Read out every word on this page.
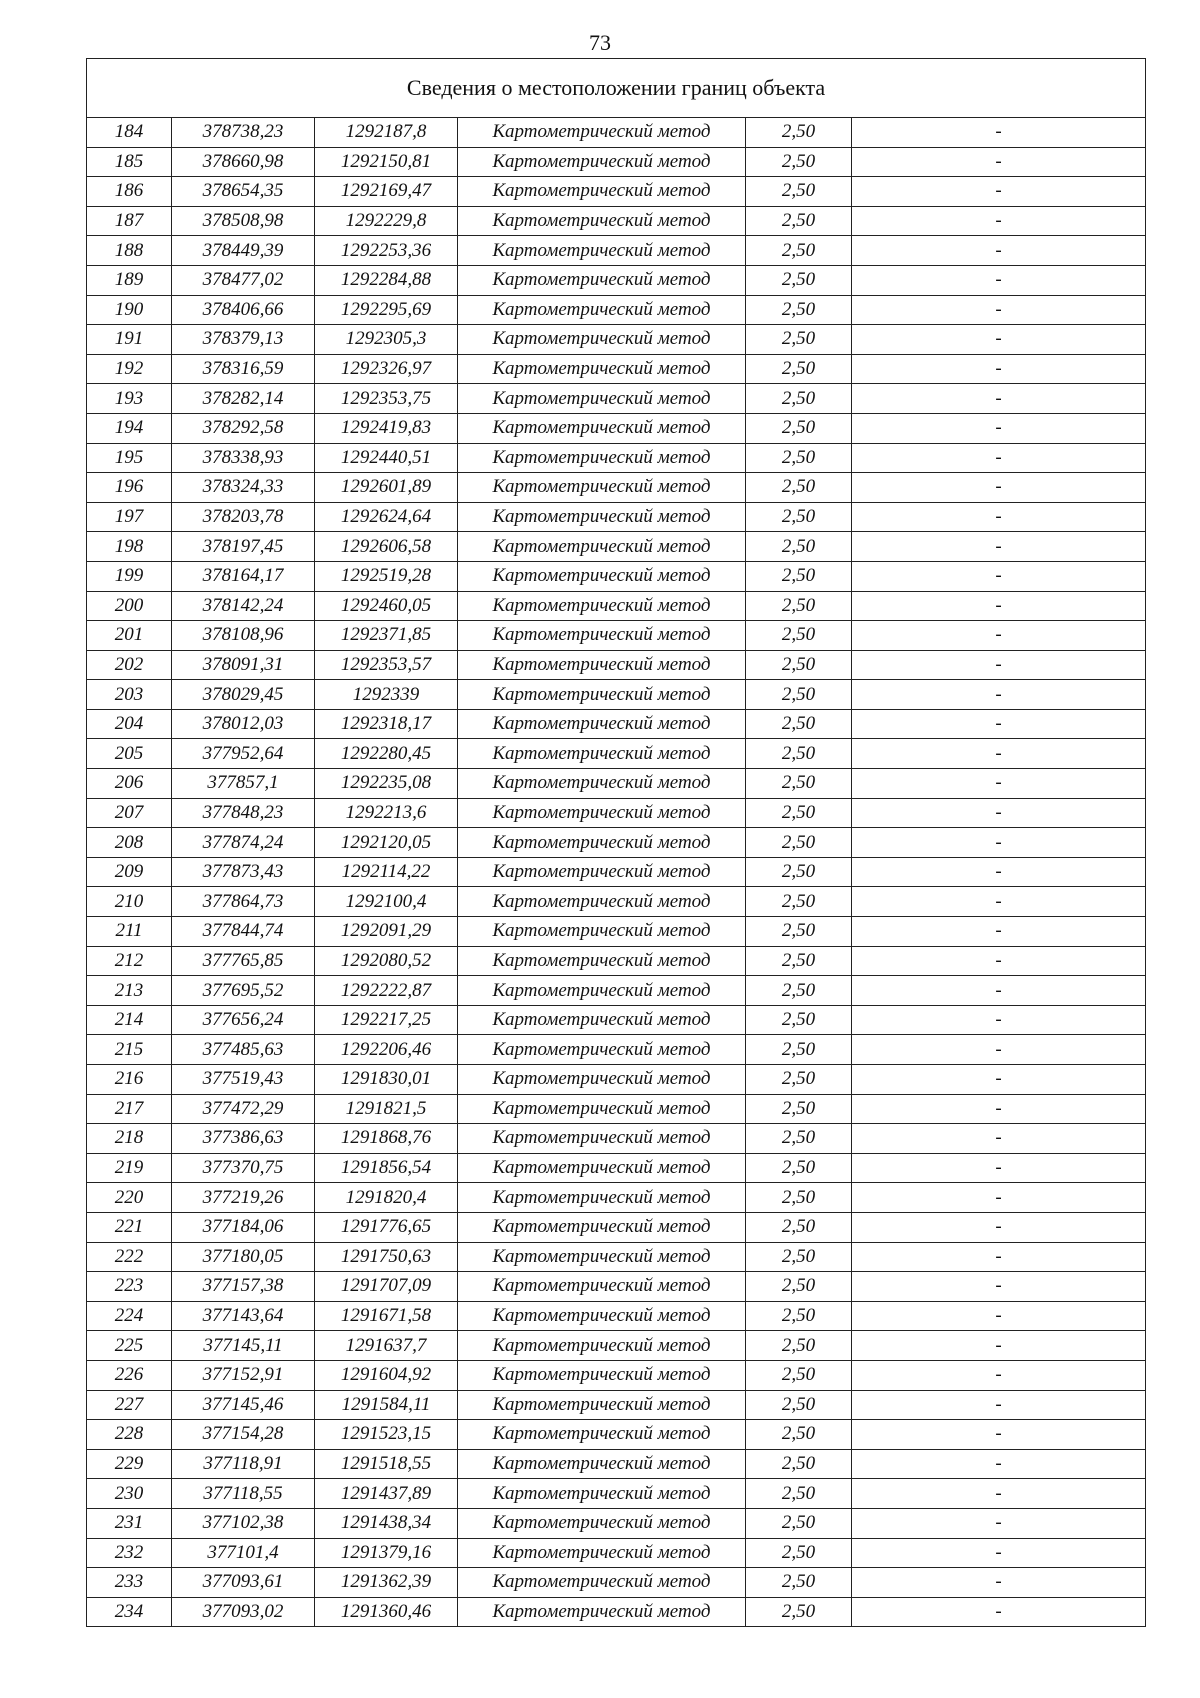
73
Сведения о местоположении границ объекта					
184	378738,23	1292187,8	Картометрический метод	2,50	-
185	378660,98	1292150,81	Картометрический метод	2,50	-
186	378654,35	1292169,47	Картометрический метод	2,50	-
187	378508,98	1292229,8	Картометрический метод	2,50	-
188	378449,39	1292253,36	Картометрический метод	2,50	-
189	378477,02	1292284,88	Картометрический метод	2,50	-
190	378406,66	1292295,69	Картометрический метод	2,50	-
191	378379,13	1292305,3	Картометрический метод	2,50	-
192	378316,59	1292326,97	Картометрический метод	2,50	-
193	378282,14	1292353,75	Картометрический метод	2,50	-
194	378292,58	1292419,83	Картометрический метод	2,50	-
195	378338,93	1292440,51	Картометрический метод	2,50	-
196	378324,33	1292601,89	Картометрический метод	2,50	-
197	378203,78	1292624,64	Картометрический метод	2,50	-
198	378197,45	1292606,58	Картометрический метод	2,50	-
199	378164,17	1292519,28	Картометрический метод	2,50	-
200	378142,24	1292460,05	Картометрический метод	2,50	-
201	378108,96	1292371,85	Картометрический метод	2,50	-
202	378091,31	1292353,57	Картометрический метод	2,50	-
203	378029,45	1292339	Картометрический метод	2,50	-
204	378012,03	1292318,17	Картометрический метод	2,50	-
205	377952,64	1292280,45	Картометрический метод	2,50	-
206	377857,1	1292235,08	Картометрический метод	2,50	-
207	377848,23	1292213,6	Картометрический метод	2,50	-
208	377874,24	1292120,05	Картометрический метод	2,50	-
209	377873,43	1292114,22	Картометрический метод	2,50	-
210	377864,73	1292100,4	Картометрический метод	2,50	-
211	377844,74	1292091,29	Картометрический метод	2,50	-
212	377765,85	1292080,52	Картометрический метод	2,50	-
213	377695,52	1292222,87	Картометрический метод	2,50	-
214	377656,24	1292217,25	Картометрический метод	2,50	-
215	377485,63	1292206,46	Картометрический метод	2,50	-
216	377519,43	1291830,01	Картометрический метод	2,50	-
217	377472,29	1291821,5	Картометрический метод	2,50	-
218	377386,63	1291868,76	Картометрический метод	2,50	-
219	377370,75	1291856,54	Картометрический метод	2,50	-
220	377219,26	1291820,4	Картометрический метод	2,50	-
221	377184,06	1291776,65	Картометрический метод	2,50	-
222	377180,05	1291750,63	Картометрический метод	2,50	-
223	377157,38	1291707,09	Картометрический метод	2,50	-
224	377143,64	1291671,58	Картометрический метод	2,50	-
225	377145,11	1291637,7	Картометрический метод	2,50	-
226	377152,91	1291604,92	Картометрический метод	2,50	-
227	377145,46	1291584,11	Картометрический метод	2,50	-
228	377154,28	1291523,15	Картометрический метод	2,50	-
229	377118,91	1291518,55	Картометрический метод	2,50	-
230	377118,55	1291437,89	Картометрический метод	2,50	-
231	377102,38	1291438,34	Картометрический метод	2,50	-
232	377101,4	1291379,16	Картометрический метод	2,50	-
233	377093,61	1291362,39	Картометрический метод	2,50	-
234	377093,02	1291360,46	Картометрический метод	2,50	-
